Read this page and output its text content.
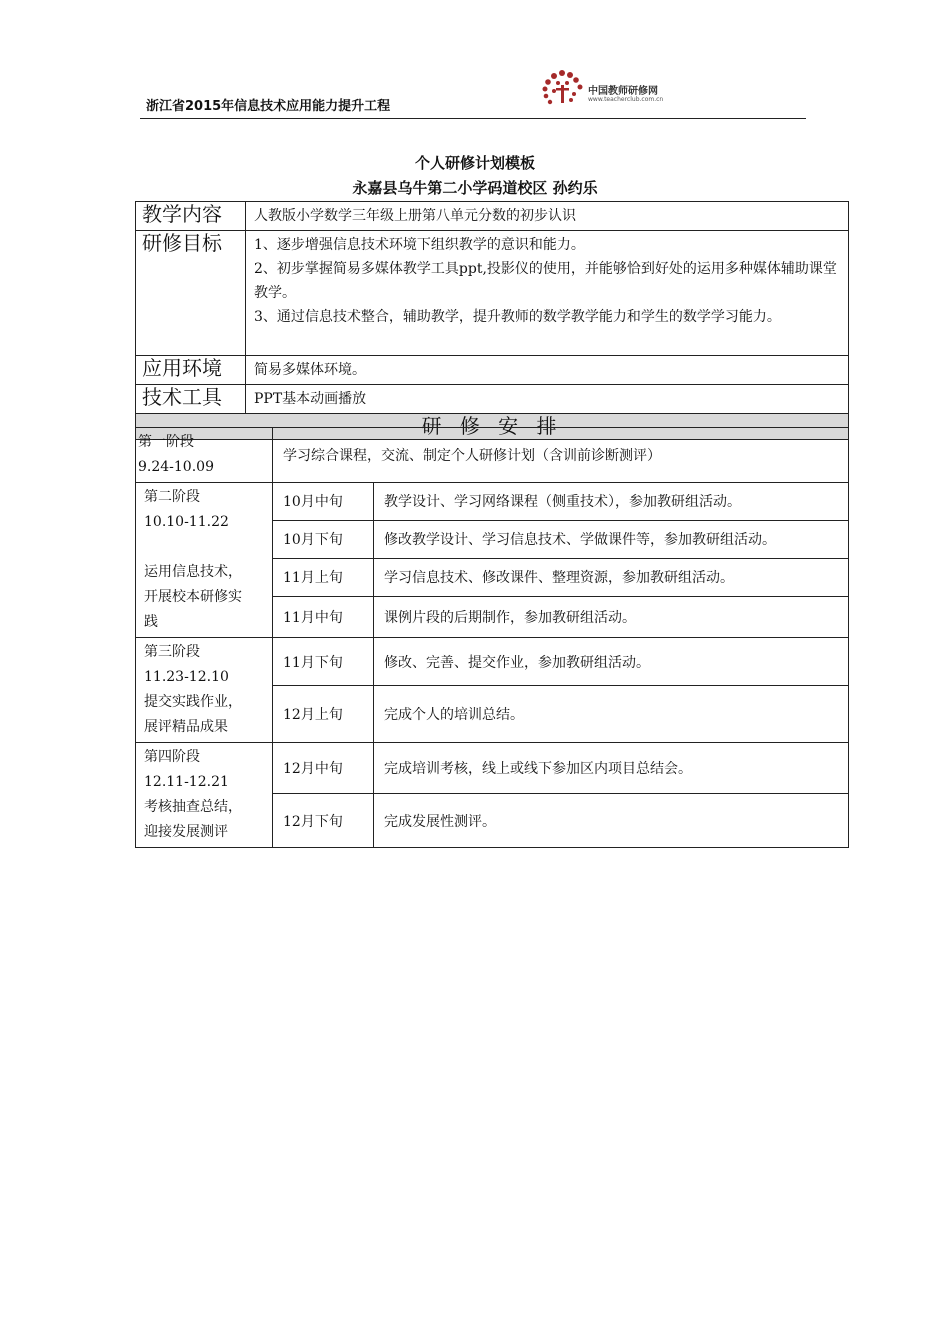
浙江省2015年信息技术应用能力提升工程
中国教师研修网
www.teacherclub.com.cn
个人研修计划模板
永嘉县乌牛第二小学码道校区 孙约乐
教学内容	人教版小学数学三年级上册第八单元分数的初步认识
研修目标	1、逐步增强信息技术环境下组织教学的意识和能力。

2、初步掌握简易多媒体教学工具ppt,投影仪的使用，并能够恰到好处的运用多种媒体辅助课堂教学。

3、通过信息技术整合，辅助教学，提升教师的数学教学能力和学生的数学学习能力。

应用环境	简易多媒体环境。
技术工具	PPT基本动画播放
研 修 安 排	
第一阶段
9.24-10.09	学习综合课程，交流、制定个人研修计划（含训前诊断测评）	

第二阶段
10.10-11.22
运用信息技术，
开展校本研修实
践	10月中旬	教学设计、学习网络课程（侧重技术），参加教研组活动。
	10月下旬	修改教学设计、学习信息技术、学做课件等，参加教研组活动。
	11月上旬	学习信息技术、修改课件、整理资源，参加教研组活动。
	11月中旬	课例片段的后期制作，参加教研组活动。

第三阶段
11.23-12.10
提交实践作业，
展评精品成果	11月下旬	修改、完善、提交作业，参加教研组活动。
	12月上旬	完成个人的培训总结。

第四阶段
12.11-12.21
考核抽查总结，
迎接发展测评	12月中旬	完成培训考核，线上或线下参加区内项目总结会。
	12月下旬	完成发展性测评。
